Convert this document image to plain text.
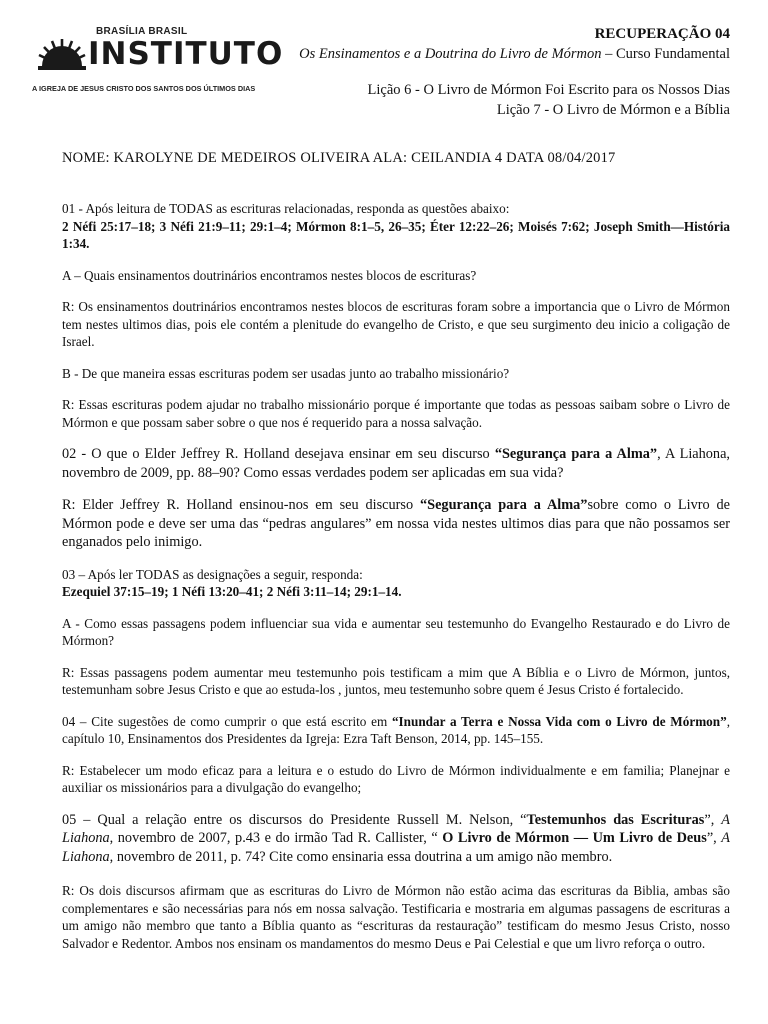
BRASÍLIA BRASIL
INSTITUTO
A IGREJA DE JESUS CRISTO DOS SANTOS DOS ÚLTIMOS DIAS
RECUPERAÇÃO 04
Os Ensinamentos e a Doutrina do Livro de Mórmon – Curso Fundamental
Lição 6 - O Livro de Mórmon Foi Escrito para os Nossos Dias
Lição 7 - O Livro de Mórmon e a Bíblia
NOME: KAROLYNE DE MEDEIROS OLIVEIRA ALA: CEILANDIA 4 DATA 08/04/2017

01 - Após leitura de TODAS as escrituras relacionadas, responda as questões abaixo:

2 Néfi 25:17–18; 3 Néfi 21:9–11; 29:1–4; Mórmon 8:1–5, 26–35; Éter 12:22–26; Moisés 7:62; Joseph Smith—História 1:34.

A – Quais ensinamentos doutrinários encontramos nestes blocos de escrituras?

R: Os ensinamentos doutrinários encontramos nestes blocos de escrituras foram sobre a importancia que o Livro de Mórmon tem nestes ultimos dias, pois ele contém a plenitude do evangelho de Cristo, e que seu surgimento deu inicio a coligação de Israel.

B - De que maneira essas escrituras podem ser usadas junto ao trabalho missionário?

R: Essas escrituras podem ajudar no trabalho missionário porque é importante que todas as pessoas saibam sobre o Livro de Mórmon e que possam saber sobre o que nos é requerido para a nossa salvação.

02 - O que o Elder Jeffrey R. Holland desejava ensinar em seu discurso “Segurança para a Alma”, A Liahona, novembro de 2009, pp. 88–90? Como essas verdades podem ser aplicadas em sua vida?

R: Elder Jeffrey R. Holland ensinou-nos em seu discurso “Segurança para a Alma”sobre como o Livro de Mórmon pode e deve ser uma das “pedras angulares” em nossa vida nestes ultimos dias para que não possamos ser enganados pelo inimigo.

03 – Após ler TODAS as designações a seguir, responda:

Ezequiel 37:15–19; 1 Néfi 13:20–41; 2 Néfi 3:11–14; 29:1–14.

A - Como essas passagens podem influenciar sua vida e aumentar seu testemunho do Evangelho Restaurado e do Livro de Mórmon?

R: Essas passagens podem aumentar meu testemunho pois testificam a mim que A Bíblia e o Livro de Mórmon, juntos, testemunham sobre Jesus Cristo e que ao estuda-los , juntos, meu testemunho sobre quem é Jesus Cristo é fortalecido.

04 – Cite sugestões de como cumprir o que está escrito em “Inundar a Terra e Nossa Vida com o Livro de Mórmon”, capítulo 10, Ensinamentos dos Presidentes da Igreja: Ezra Taft Benson, 2014, pp. 145–155.

R: Estabelecer um modo eficaz para a leitura e o estudo do Livro de Mórmon individualmente e em familia; Planejnar e auxiliar os missionários para a divulgação do evangelho;

05 – Qual a relação entre os discursos do Presidente Russell M. Nelson, “Testemunhos das Escrituras”, A Liahona, novembro de 2007, p.43 e do irmão Tad R. Callister, “ O Livro de Mórmon — Um Livro de Deus”, A Liahona, novembro de 2011, p. 74? Cite como ensinaria essa doutrina a um amigo não membro.

R: Os dois discursos afirmam que as escrituras do Livro de Mórmon não estão acima das escrituras da Biblia, ambas são complementares e são necessárias para nós em nossa salvação. Testificaria e mostraria em algumas passagens de escrituras a um amigo não membro que tanto a Bíblia quanto as “escrituras da restauração” testificam do mesmo Jesus Cristo, nosso Salvador e Redentor. Ambos nos ensinam os mandamentos do mesmo Deus e Pai Celestial e que um livro reforça o outro.
